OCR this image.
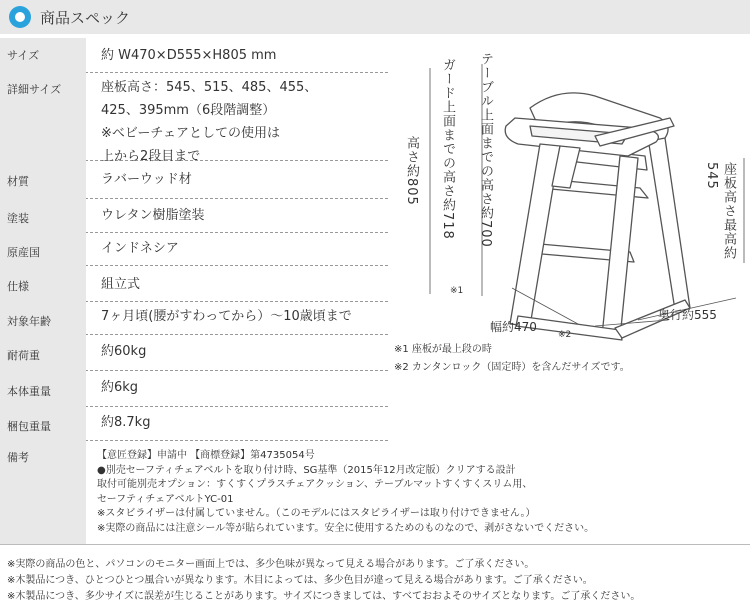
商品スペック
サイズ	約 W470×D555×H805 mm
詳細サイズ	座板高さ：545、515、485、455、
425、395mm（6段階調整）
※ベビーチェアとしての使用は
上から2段目まで
材質	ラバーウッド材
塗装	ウレタン樹脂塗装
原産国	インドネシア
仕様	組立式
対象年齢	7ヶ月頃(腰がすわってから）～10歳頃まで
耐荷重	約60kg
本体重量	約6kg
梱包重量	約8.7kg
備考	【意匠登録】申請中 【商標登録】第4735054号
●別売セーフティチェアベルトを取り付け時、SG基準（2015年12月改定版）クリアする設計
取付可能別売オプション：すくすくプラスチェアクッション、テーブルマットすくすくスリム用、
セーフティチェアベルトYC-01
※スタビライザーは付属していません。（このモデルにはスタビライザーは取り付けできません。）
※実際の商品には注意シール等が貼られています。安全に使用するためのものなので、剥がさないでください。
高さ約805 ガード上面までの高さ約718
※1
テーブル上面までの高さ約700	座板高さ最高約545
幅約470
※2
奥行約555
※1 座板が最上段の時
※2 カンタンロック（固定時）を含んだサイズです。
※実際の商品の色と、パソコンのモニター画面上では、多少色味が異なって見える場合があります。ご了承ください。
※木製品につき、ひとつひとつ風合いが異なります。木目によっては、多少色目が違って見える場合があります。ご了承ください。
※木製品につき、多少サイズに誤差が生じることがあります。サイズにつきましては、すべておおよそのサイズとなります。ご了承ください。
